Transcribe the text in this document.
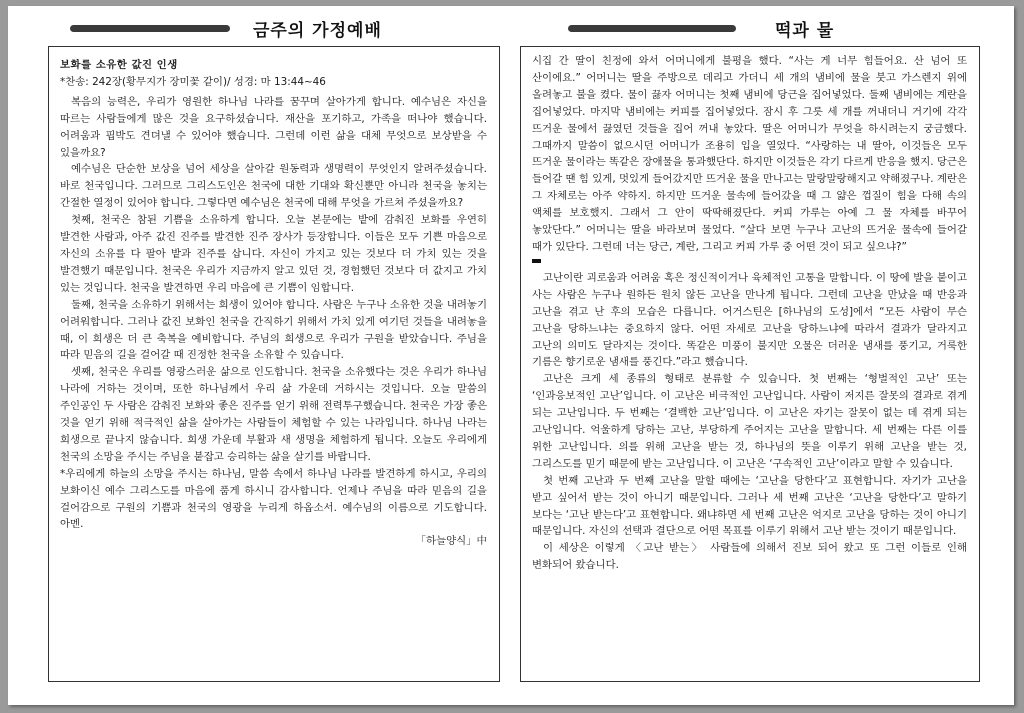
금주의 가정예배

보화를 소유한 값진 인생

*찬송: 242장(황무지가 장미꽃 같이)/ 성경: 마 13:44~46

복음의 능력은, 우리가 영원한 하나님 나라를 꿈꾸며 살아가게 합니다. 예수님은 자신을 따르는 사람들에게 많은 것을 요구하셨습니다. 재산을 포기하고, 가족을 떠나야 했습니다. 어려움과 핍박도 견뎌낼 수 있어야 했습니다. 그런데 이런 삶을 대체 무엇으로 보상받을 수 있을까요?

예수님은 단순한 보상을 넘어 세상을 살아갈 원동력과 생명력이 무엇인지 알려주셨습니다. 바로 천국입니다. 그러므로 그리스도인은 천국에 대한 기대와 확신뿐만 아니라 천국을 놓치는 간절한 열정이 있어야 합니다. 그렇다면 예수님은 천국에 대해 무엇을 가르쳐 주셨을까요?

첫째, 천국은 참된 기쁨을 소유하게 합니다. 오늘 본문에는 밭에 감춰진 보화를 우연히 발견한 사람과, 아주 값진 진주를 발견한 진주 장사가 등장합니다. 이들은 모두 기쁜 마음으로 자신의 소유를 다 팔아 밭과 진주를 삽니다. 자신이 가지고 있는 것보다 더 가치 있는 것을 발견했기 때문입니다. 천국은 우리가 지금까지 알고 있던 것, 경험했던 것보다 더 값지고 가치 있는 것입니다. 천국을 발견하면 우리 마음에 큰 기쁨이 임합니다.

둘째, 천국을 소유하기 위해서는 희생이 있어야 합니다. 사람은 누구나 소유한 것을 내려놓기 어려워합니다. 그러나 값진 보화인 천국을 간직하기 위해서 가치 있게 여기던 것들을 내려놓을 때, 이 희생은 더 큰 축복을 예비합니다. 주님의 희생으로 우리가 구원을 받았습니다. 주님을 따라 믿음의 길을 걸어갈 때 진정한 천국을 소유할 수 있습니다.

셋째, 천국은 우리를 영광스러운 삶으로 인도합니다. 천국을 소유했다는 것은 우리가 하나님 나라에 거하는 것이며, 또한 하나님께서 우리 삶 가운데 거하시는 것입니다. 오늘 말씀의 주인공인 두 사람은 감춰진 보화와 좋은 진주를 얻기 위해 전력투구했습니다. 천국은 가장 좋은 것을 얻기 위해 적극적인 삶을 살아가는 사람들이 체험할 수 있는 나라입니다. 하나님 나라는 희생으로 끝나지 않습니다. 희생 가운데 부활과 새 생명을 체험하게 됩니다. 오늘도 우리에게 천국의 소망을 주시는 주님을 붙잡고 승리하는 삶을 살기를 바랍니다.

*우리에게 하늘의 소망을 주시는 하나님, 말씀 속에서 하나님 나라를 발견하게 하시고, 우리의 보화이신 예수 그리스도를 마음에 품게 하시니 감사합니다. 언제나 주님을 따라 믿음의 길을 걸어감으로 구원의 기쁨과 천국의 영광을 누리게 하옵소서. 예수님의 이름으로 기도합니다. 아멘.

「하늘양식」中

떡과 물

시집 간 딸이 친정에 와서 어머니에게 불평을 했다. “사는 게 너무 힘들어요. 산 넘어 또 산이에요.” 어머니는 딸을 주방으로 데리고 가더니 세 개의 냄비에 물을 붓고 가스렌지 위에 올려놓고 불을 켰다. 물이 끓자 어머니는 첫째 냄비에 당근을 집어넣었다. 둘째 냄비에는 계란을 집어넣었다. 마지막 냄비에는 커피를 집어넣었다. 잠시 후 그릇 세 개를 꺼내더니 거기에 각각 뜨거운 물에서 끓였던 것들을 집어 꺼내 놓았다. 딸은 어머니가 무엇을 하시려는지 궁금했다. 그때까지 말씀이 없으시던 어머니가 조용히 입을 열었다. “사랑하는 내 딸아, 이것들은 모두 뜨거운 물이라는 똑같은 장애물을 통과했단다. 하지만 이것들은 각기 다르게 반응을 했지. 당근은 들어갈 땐 힘 있게, 멋있게 들어갔지만 뜨거운 물을 만나고는 말랑말랑해지고 약해졌구나. 계란은 그 자체로는 아주 약하지. 하지만 뜨거운 물속에 들어갔을 때 그 얇은 껍질이 힘을 다해 속의 액체를 보호했지. 그래서 그 안이 딱딱해졌단다. 커피 가루는 아예 그 물 자체를 바꾸어 놓았단다.” 어머니는 딸을 바라보며 물었다. “살다 보면 누구나 고난의 뜨거운 물속에 들어갈 때가 있단다. 그런데 너는 당근, 계란, 그리고 커피 가루 중 어떤 것이 되고 싶으냐?”

고난이란 괴로움과 어려움 혹은 정신적이거나 육체적인 고통을 말합니다. 이 땅에 발을 붙이고 사는 사람은 누구나 원하든 원치 않든 고난을 만나게 됩니다. 그런데 고난을 만났을 때 반응과 고난을 겪고 난 후의 모습은 다릅니다. 어거스틴은 [하나님의 도성]에서 “모든 사람이 무슨 고난을 당하느냐는 중요하지 않다. 어떤 자세로 고난을 당하느냐에 따라서 결과가 달라지고 고난의 의미도 달라지는 것이다. 똑같은 미풍이 불지만 오물은 더러운 냄새를 풍기고, 거룩한 기름은 향기로운 냄새를 풍긴다.”라고 했습니다.

고난은 크게 세 종류의 형태로 분류할 수 있습니다. 첫 번째는 ‘형벌적인 고난’ 또는 ‘인과응보적인 고난’입니다. 이 고난은 비극적인 고난입니다. 사람이 저지른 잘못의 결과로 겪게 되는 고난입니다. 두 번째는 ‘결백한 고난’입니다. 이 고난은 자기는 잘못이 없는 데 겪게 되는 고난입니다. 억울하게 당하는 고난, 부당하게 주어지는 고난을 말합니다. 세 번째는 다른 이를 위한 고난입니다. 의를 위해 고난을 받는 것, 하나님의 뜻을 이루기 위해 고난을 받는 것, 그리스도를 믿기 때문에 받는 고난입니다. 이 고난은 ‘구속적인 고난’이라고 말할 수 있습니다.

첫 번째 고난과 두 번째 고난을 말할 때에는 ‘고난을 당한다’고 표현합니다. 자기가 고난을 받고 싶어서 받는 것이 아니기 때문입니다. 그러나 세 번째 고난은 ‘고난을 당한다’고 말하기 보다는 ‘고난 받는다’고 표현합니다. 왜냐하면 세 번째 고난은 억지로 고난을 당하는 것이 아니기 때문입니다. 자신의 선택과 결단으로 어떤 목표를 이루기 위해서 고난 받는 것이기 때문입니다.

이 세상은 이렇게 〈고난 받는〉 사람들에 의해서 진보 되어 왔고 또 그런 이들로 인해 변화되어 왔습니다.
